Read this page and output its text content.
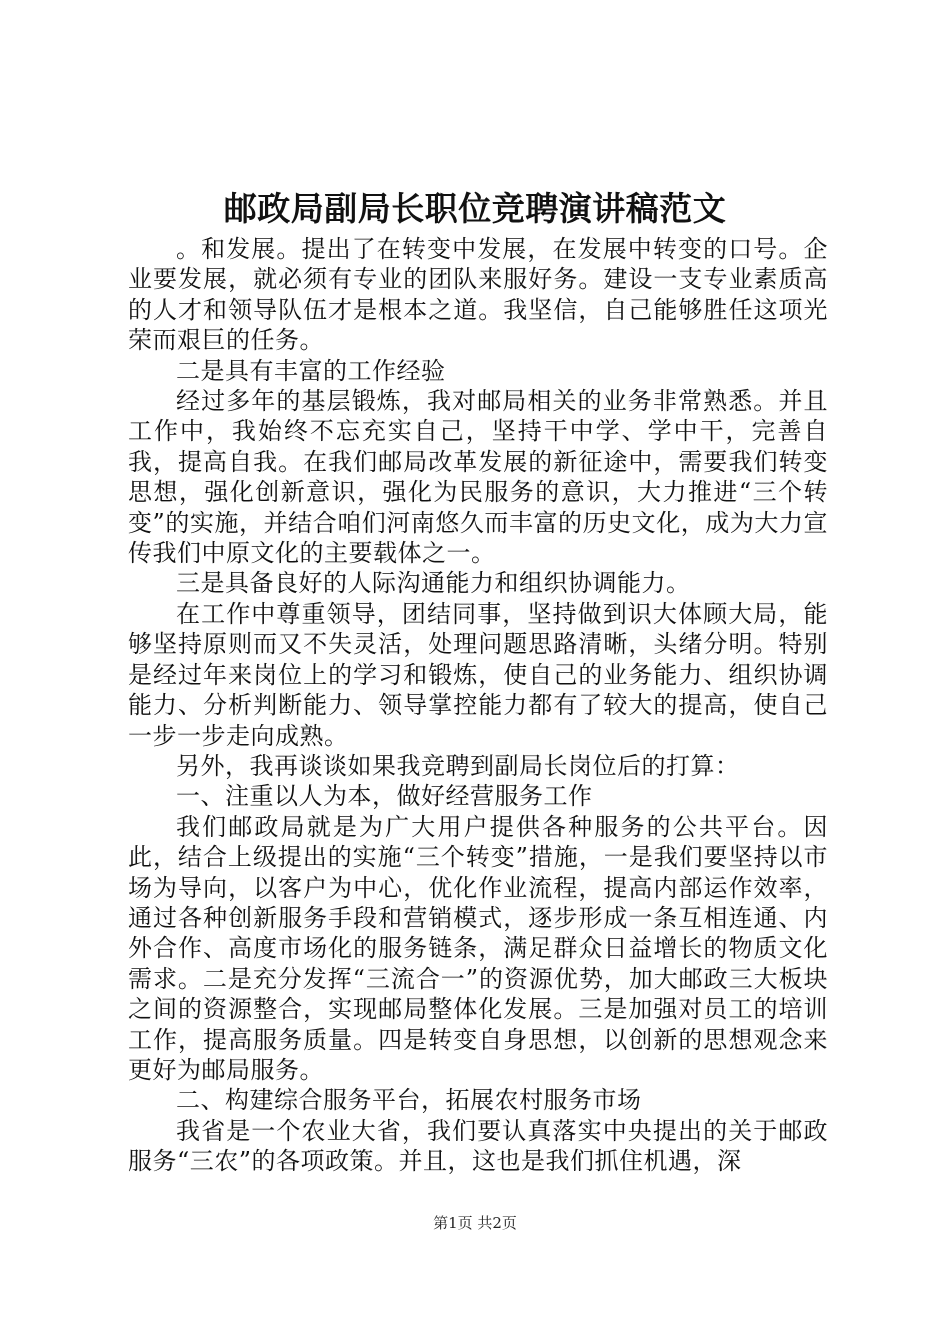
邮政局副局长职位竞聘演讲稿范文

。和发展。提出了在转变中发展，在发展中转变的口号。企业要发展，就必须有专业的团队来服好务。建设一支专业素质高的人才和领导队伍才是根本之道。我坚信，自己能够胜任这项光荣而艰巨的任务。

二是具有丰富的工作经验

经过多年的基层锻炼，我对邮局相关的业务非常熟悉。并且工作中，我始终不忘充实自己，坚持干中学、学中干，完善自我，提高自我。在我们邮局改革发展的新征途中，需要我们转变思想，强化创新意识，强化为民服务的意识，大力推进“三个转变”的实施，并结合咱们河南悠久而丰富的历史文化，成为大力宣传我们中原文化的主要载体之一。

三是具备良好的人际沟通能力和组织协调能力。

在工作中尊重领导，团结同事，坚持做到识大体顾大局，能够坚持原则而又不失灵活，处理问题思路清晰，头绪分明。特别是经过年来岗位上的学习和锻炼，使自己的业务能力、组织协调能力、分析判断能力、领导掌控能力都有了较大的提高，使自己一步一步走向成熟。

另外，我再谈谈如果我竞聘到副局长岗位后的打算：

一、注重以人为本，做好经营服务工作

我们邮政局就是为广大用户提供各种服务的公共平台。因此，结合上级提出的实施“三个转变”措施，一是我们要坚持以市场为导向，以客户为中心，优化作业流程，提高内部运作效率，通过各种创新服务手段和营销模式，逐步形成一条互相连通、内外合作、高度市场化的服务链条，满足群众日益增长的物质文化需求。二是充分发挥“三流合一”的资源优势，加大邮政三大板块之间的资源整合，实现邮局整体化发展。三是加强对员工的培训工作，提高服务质量。四是转变自身思想，以创新的思想观念来更好为邮局服务。

二、构建综合服务平台，拓展农村服务市场

我省是一个农业大省，我们要认真落实中央提出的关于邮政服务“三农”的各项政策。并且，这也是我们抓住机遇，深

第1页 共2页
